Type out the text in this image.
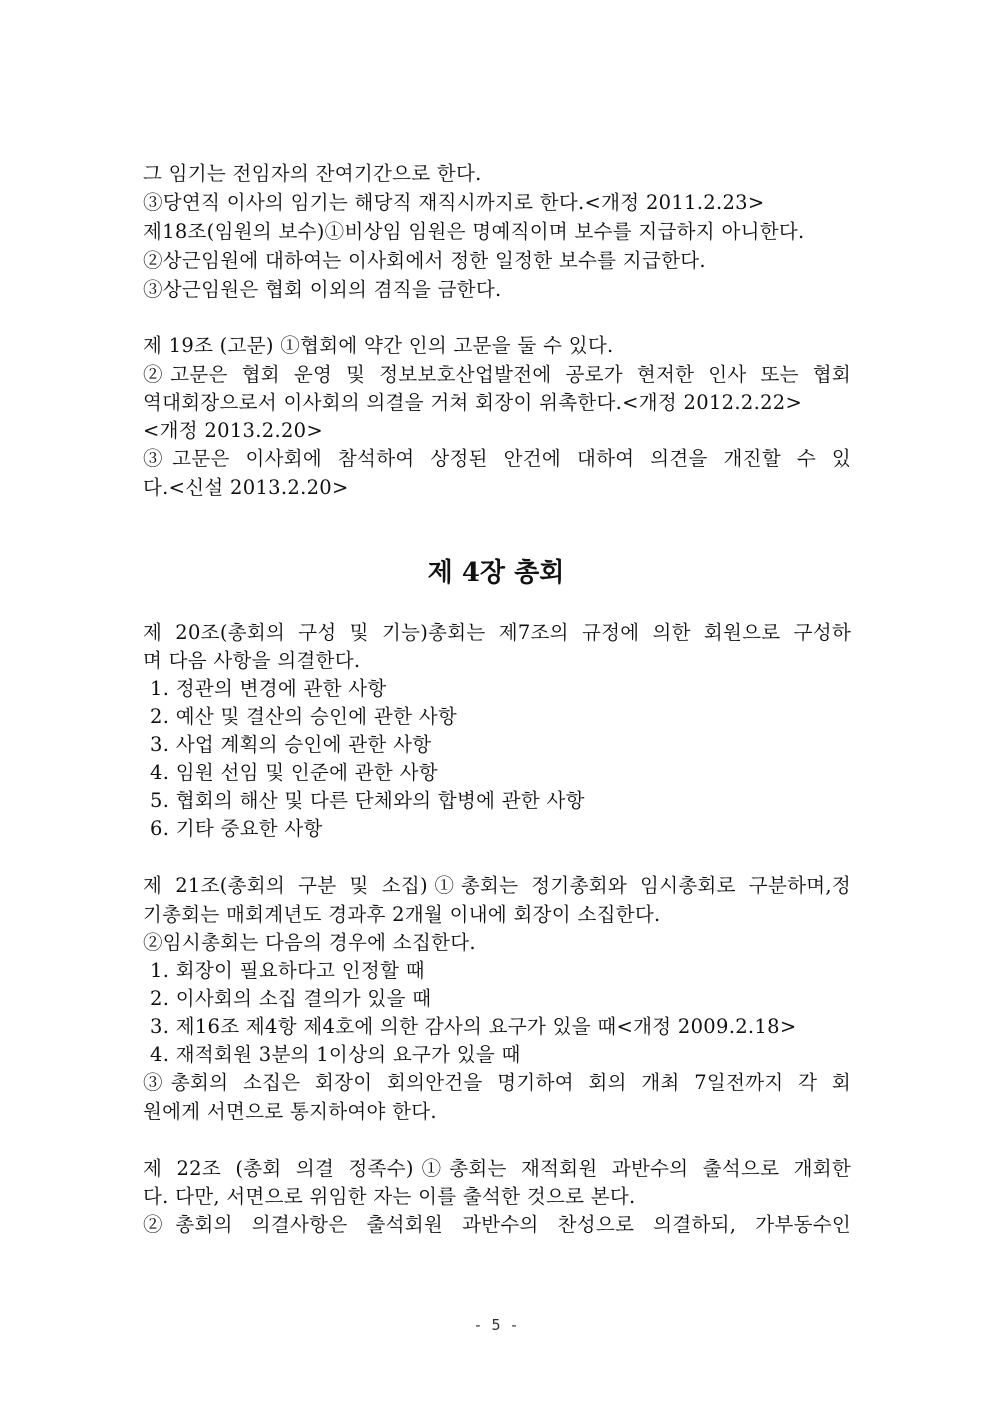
그 임기는 전임자의 잔여기간으로 한다.
③당연직 이사의 임기는 해당직 재직시까지로 한다.<개정 2011.2.23>
제18조(임원의 보수)①비상임 임원은 명예직이며 보수를 지급하지 아니한다.
②상근임원에 대하여는 이사회에서 정한 일정한 보수를 지급한다.
③상근임원은 협회 이외의 겸직을 금한다.
제 19조 (고문) ①협회에 약간 인의 고문을 둘 수 있다.
②고문은 협회 운영 및 정보보호산업발전에 공로가 현저한 인사 또는 협회
역대회장으로서 이사회의 의결을 거쳐 회장이 위촉한다.<개정 2012.2.22>
<개정 2013.2.20>
③고문은 이사회에 참석하여 상정된 안건에 대하여 의견을 개진할 수 있
다.<신설 2013.2.20>
제 4장 총회
제 20조(총회의 구성 및 기능)총회는 제7조의 규정에 의한 회원으로 구성하
며 다음 사항을 의결한다.
1. 정관의 변경에 관한 사항
2. 예산 및 결산의 승인에 관한 사항
3. 사업 계획의 승인에 관한 사항
4. 임원 선임 및 인준에 관한 사항
5. 협회의 해산 및 다른 단체와의 합병에 관한 사항
6. 기타 중요한 사항
제 21조(총회의 구분 및 소집)①총회는 정기총회와 임시총회로 구분하며,정
기총회는 매회계년도 경과후 2개월 이내에 회장이 소집한다.
②임시총회는 다음의 경우에 소집한다.
1. 회장이 필요하다고 인정할 때
2. 이사회의 소집 결의가 있을 때
3. 제16조 제4항 제4호에 의한 감사의 요구가 있을 때<개정 2009.2.18>
4. 재적회원 3분의 1이상의 요구가 있을 때
③총회의 소집은 회장이 회의안건을 명기하여 회의 개최 7일전까지 각 회
원에게 서면으로 통지하여야 한다.
제 22조 (총회 의결 정족수)①총회는 재적회원 과반수의 출석으로 개회한
다. 다만, 서면으로 위임한 자는 이를 출석한 것으로 본다.
②총회의 의결사항은 출석회원 과반수의 찬성으로 의결하되, 가부동수인
- 5 -
